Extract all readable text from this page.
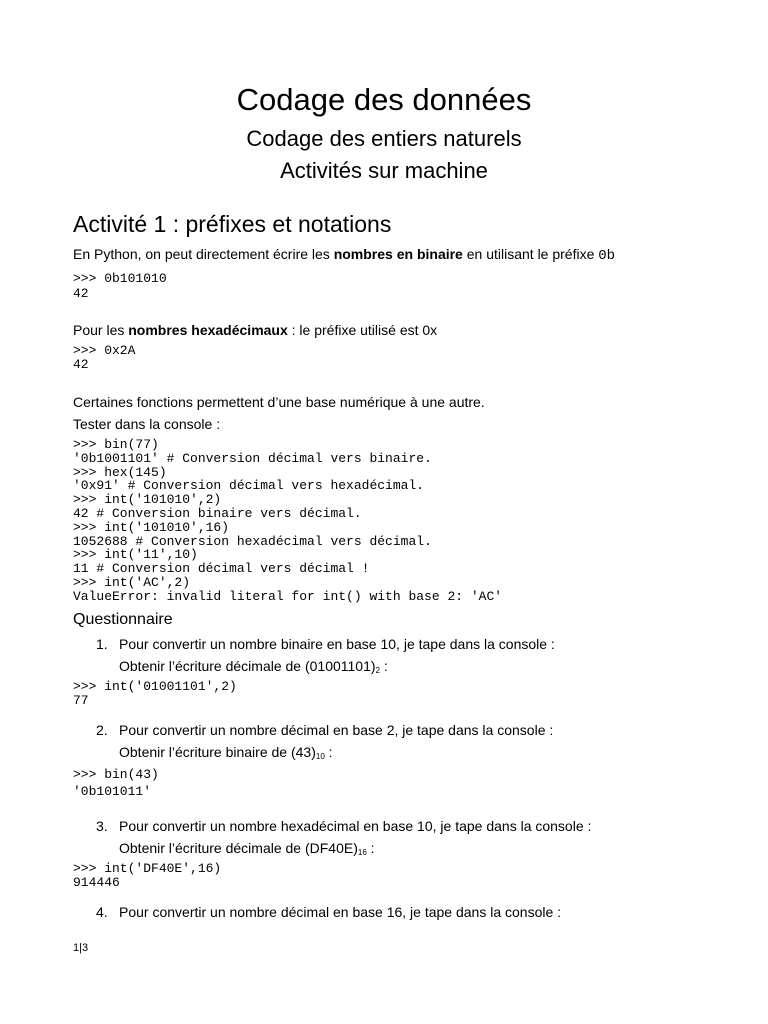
Codage des données
Codage des entiers naturels
Activités sur machine
Activité 1 : préfixes et notations
En Python, on peut directement écrire les nombres en binaire en utilisant le préfixe 0b
>>> 0b101010
42
Pour les nombres hexadécimaux : le préfixe utilisé est 0x
>>> 0x2A
42
Certaines fonctions permettent d’une base numérique à une autre.
Tester dans la console :
>>> bin(77)
'0b1001101' # Conversion décimal vers binaire.
>>> hex(145)
'0x91' # Conversion décimal vers hexadécimal.
>>> int('101010',2)
42 # Conversion binaire vers décimal.
>>> int('101010',16)
1052688 # Conversion hexadécimal vers décimal.
>>> int('11',10)
11 # Conversion décimal vers décimal !
>>> int('AC',2)
ValueError: invalid literal for int() with base 2: 'AC'
Questionnaire
1. Pour convertir un nombre binaire en base 10, je tape dans la console :
Obtenir l’écriture décimale de $(01001101)_2$ :
>>> int('01001101',2)
77
2. Pour convertir un nombre décimal en base 2, je tape dans la console :
Obtenir l’écriture binaire de $(43)_{10}$ :
>>> bin(43)
'0b101011'
3. Pour convertir un nombre hexadécimal en base 10, je tape dans la console :
Obtenir l’écriture décimale de $(DF40E)_{16}$ :
>>> int('DF40E',16)
914446
4. Pour convertir un nombre décimal en base 16, je tape dans la console :
1|3
